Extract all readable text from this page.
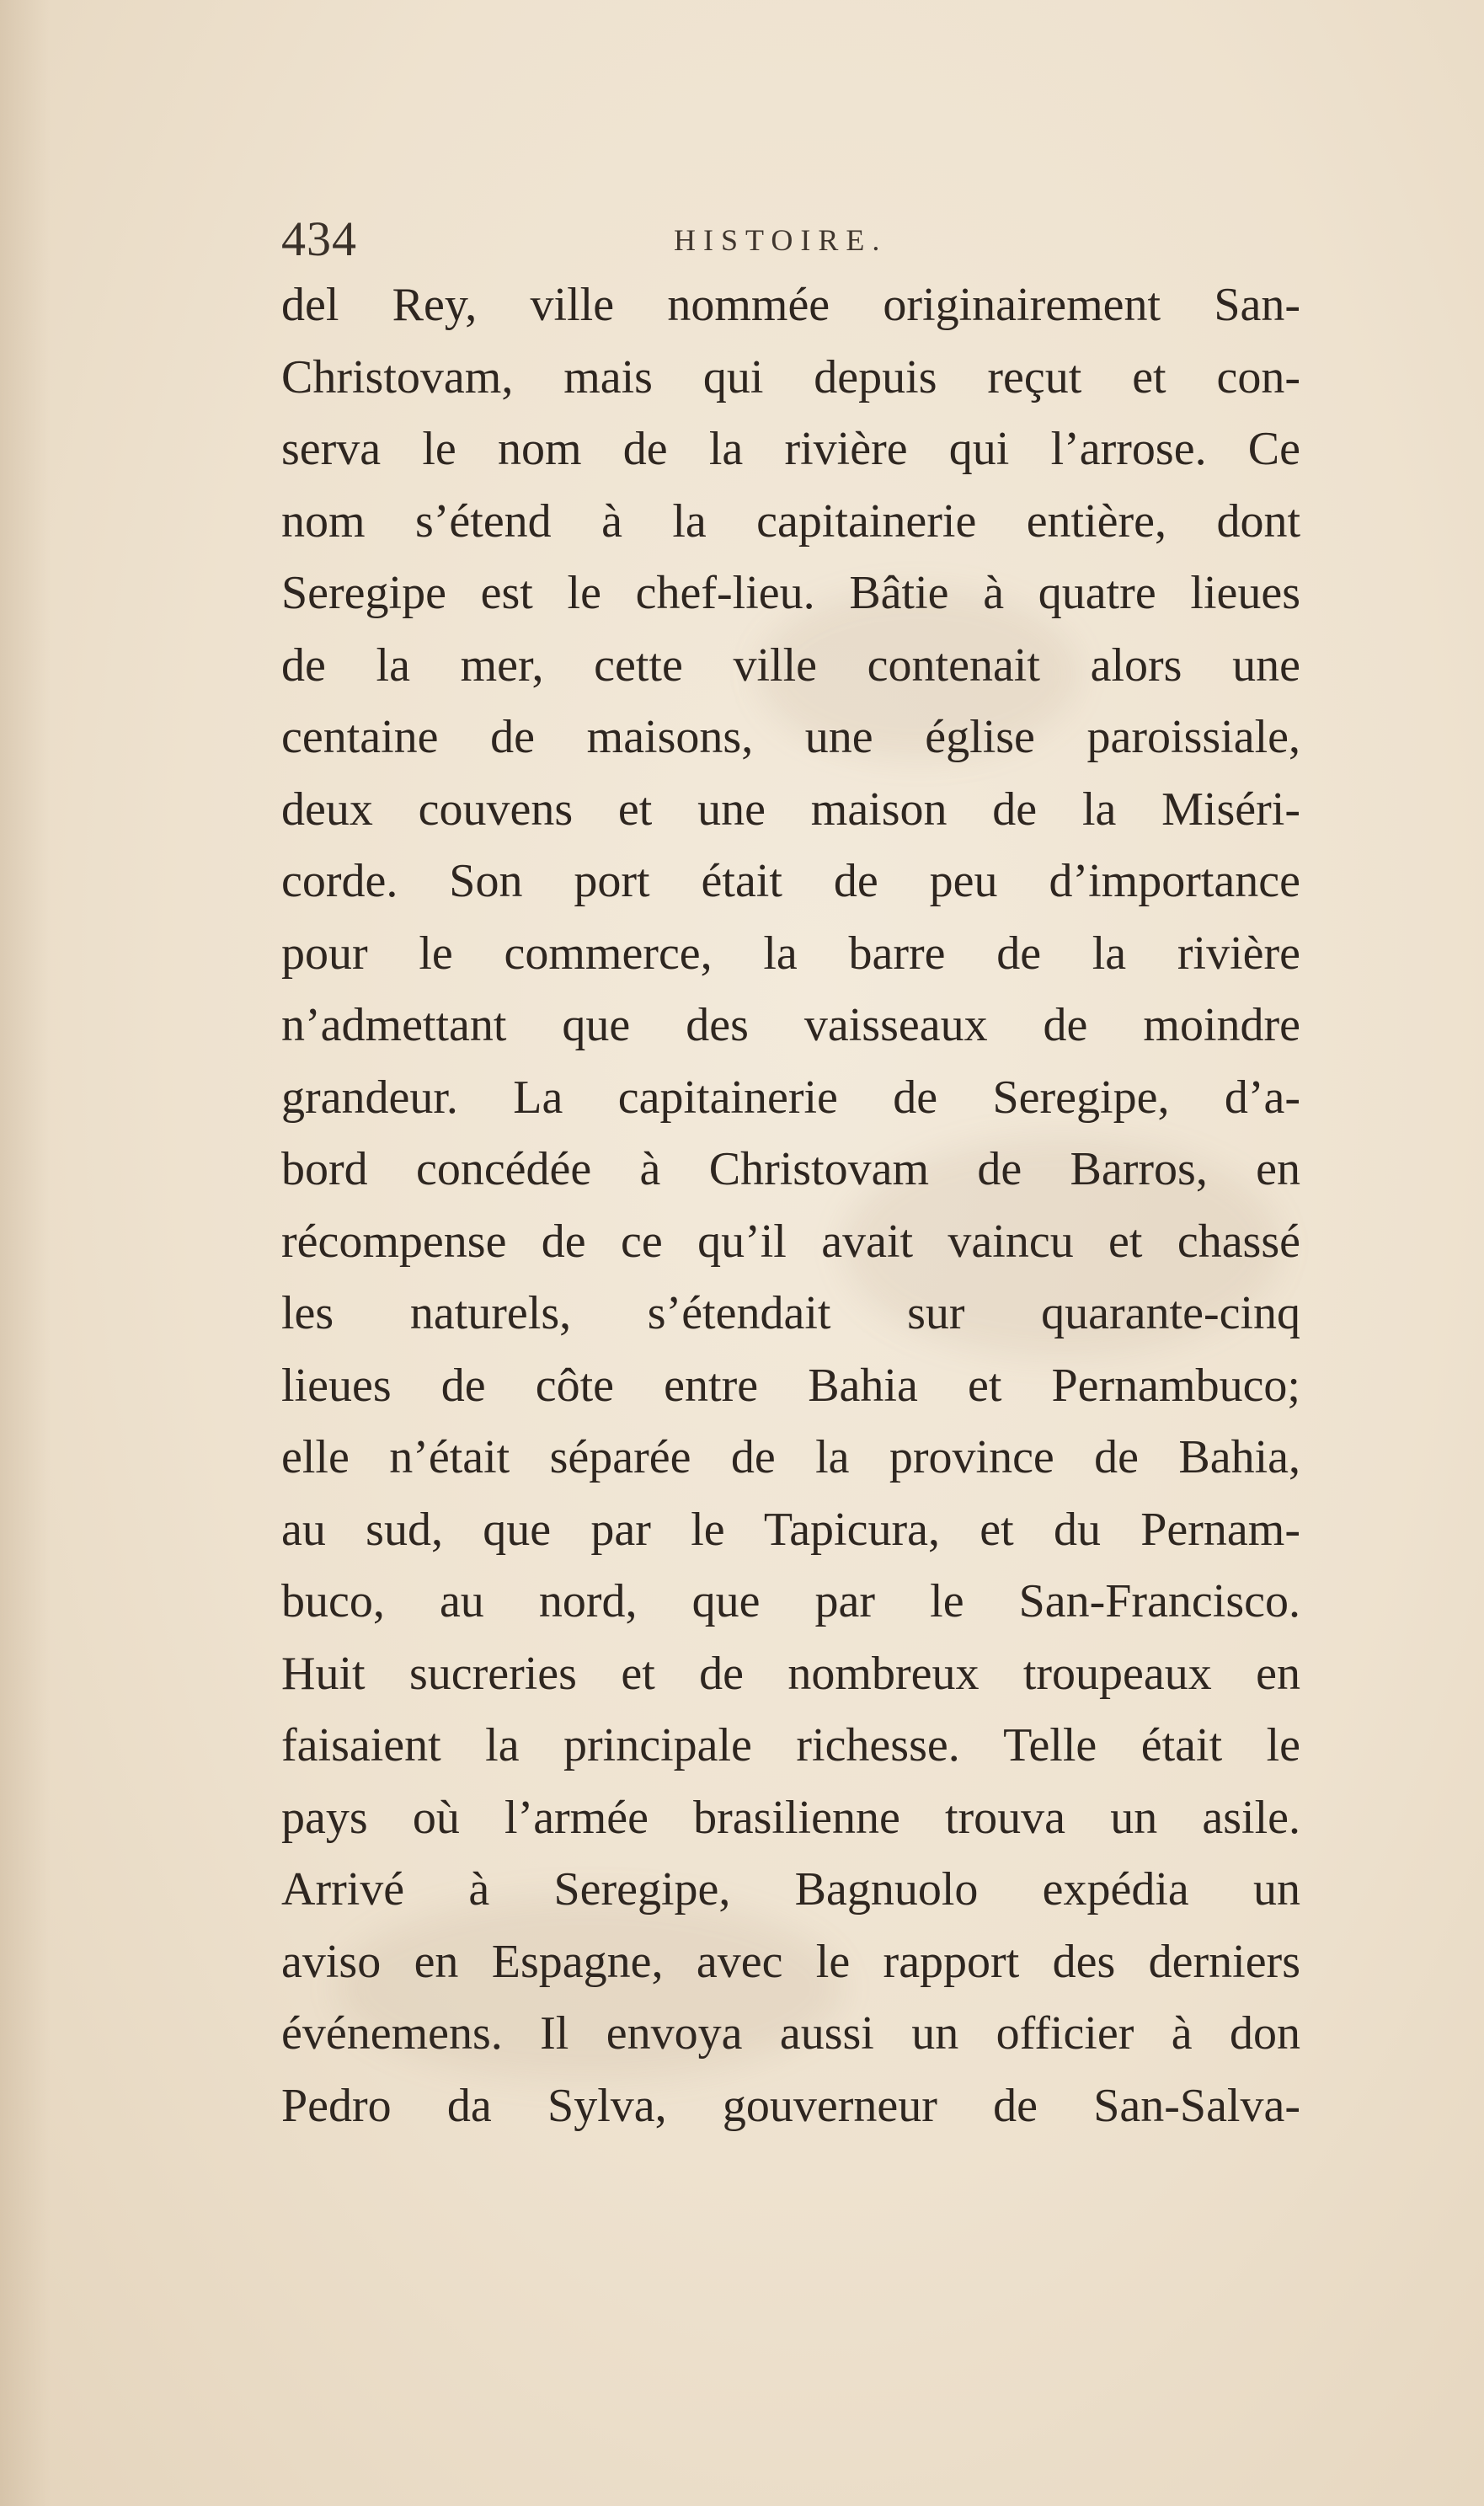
434	HISTOIRE.
del Rey, ville nommée originairement San-
Christovam, mais qui depuis reçut et con-
serva le nom de la rivière qui l’arrose. Ce
nom s’étend à la capitainerie entière, dont
Seregipe est le chef-lieu. Bâtie à quatre lieues
de la mer, cette ville contenait alors une
centaine de maisons, une église paroissiale,
deux couvens et une maison de la Miséri-
corde. Son port était de peu d’importance
pour le commerce, la barre de la rivière
n’admettant que des vaisseaux de moindre
grandeur. La capitainerie de Seregipe, d’a-
bord concédée à Christovam de Barros, en
récompense de ce qu’il avait vaincu et chassé
les naturels, s’étendait sur quarante-cinq
lieues de côte entre Bahia et Pernambuco;
elle n’était séparée de la province de Bahia,
au sud, que par le Tapicura, et du Pernam-
buco, au nord, que par le San-Francisco.
Huit sucreries et de nombreux troupeaux en
faisaient la principale richesse. Telle était le
pays où l’armée brasilienne trouva un asile.
Arrivé à Seregipe, Bagnuolo expédia un
aviso en Espagne, avec le rapport des derniers
événemens. Il envoya aussi un officier à don
Pedro da Sylva, gouverneur de San-Salva-
